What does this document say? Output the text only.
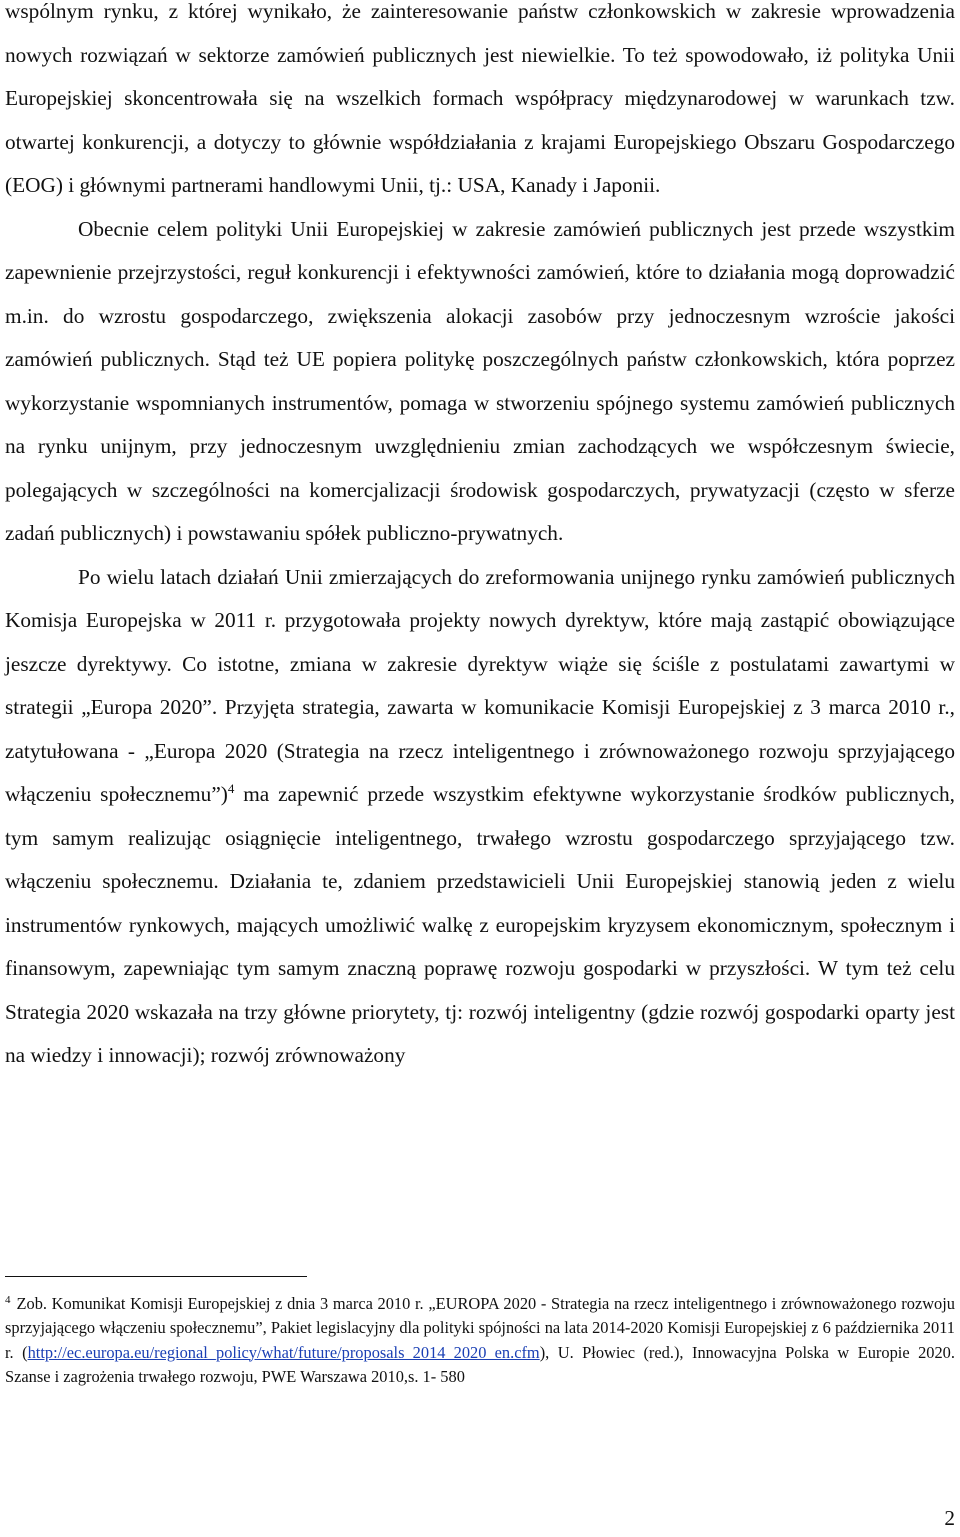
wspólnym rynku, z której wynikało, że zainteresowanie państw członkowskich w zakresie wprowadzenia nowych rozwiązań w sektorze zamówień publicznych jest niewielkie. To też spowodowało, iż polityka Unii Europejskiej skoncentrowała się na wszelkich formach współpracy międzynarodowej w warunkach tzw. otwartej konkurencji, a dotyczy to głównie współdziałania z krajami Europejskiego Obszaru Gospodarczego (EOG) i głównymi partnerami handlowymi Unii, tj.: USA, Kanady i Japonii.

Obecnie celem polityki Unii Europejskiej w zakresie zamówień publicznych jest przede wszystkim zapewnienie przejrzystości, reguł konkurencji i efektywności zamówień, które to działania mogą doprowadzić m.in. do wzrostu gospodarczego, zwiększenia alokacji zasobów przy jednoczesnym wzroście jakości zamówień publicznych. Stąd też UE popiera politykę poszczególnych państw członkowskich, która poprzez wykorzystanie wspomnianych instrumentów, pomaga w stworzeniu spójnego systemu zamówień publicznych na rynku unijnym, przy jednoczesnym uwzględnieniu zmian zachodzących we współczesnym świecie, polegających w szczególności na komercjalizacji środowisk gospodarczych, prywatyzacji (często w sferze zadań publicznych) i powstawaniu spółek publiczno-prywatnych.

Po wielu latach działań Unii zmierzających do zreformowania unijnego rynku zamówień publicznych Komisja Europejska w 2011 r. przygotowała projekty nowych dyrektyw, które mają zastąpić obowiązujące jeszcze dyrektywy. Co istotne, zmiana w zakresie dyrektyw wiąże się ściśle z postulatami zawartymi w strategii „Europa 2020”. Przyjęta strategia, zawarta w komunikacie Komisji Europejskiej z 3 marca 2010 r., zatytułowana - „Europa 2020 (Strategia na rzecz inteligentnego i zrównoważonego rozwoju sprzyjającego włączeniu społecznemu”)$^4$ ma zapewnić przede wszystkim efektywne wykorzystanie środków publicznych, tym samym realizując osiągnięcie inteligentnego, trwałego wzrostu gospodarczego sprzyjającego tzw. włączeniu społecznemu. Działania te, zdaniem przedstawicieli Unii Europejskiej stanowią jeden z wielu instrumentów rynkowych, mających umożliwić walkę z europejskim kryzysem ekonomicznym, społecznym i finansowym, zapewniając tym samym znaczną poprawę rozwoju gospodarki w przyszłości. W tym też celu Strategia 2020 wskazała na trzy główne priorytety, tj: rozwój inteligentny (gdzie rozwój gospodarki oparty jest na wiedzy i innowacji); rozwój zrównoważony

$^4$ Zob. Komunikat Komisji Europejskiej z dnia 3 marca 2010 r. „EUROPA 2020 - Strategia na rzecz inteligentnego i zrównoważonego rozwoju sprzyjającego włączeniu społecznemu”, Pakiet legislacyjny dla polityki spójności na lata 2014-2020 Komisji Europejskiej z 6 października 2011 r. (http://ec.europa.eu/regional_policy/what/future/proposals_2014_2020_en.cfm), U. Płowiec (red.), Innowacyjna Polska w Europie 2020. Szanse i zagrożenia trwałego rozwoju, PWE Warszawa 2010,s. 1- 580
2
